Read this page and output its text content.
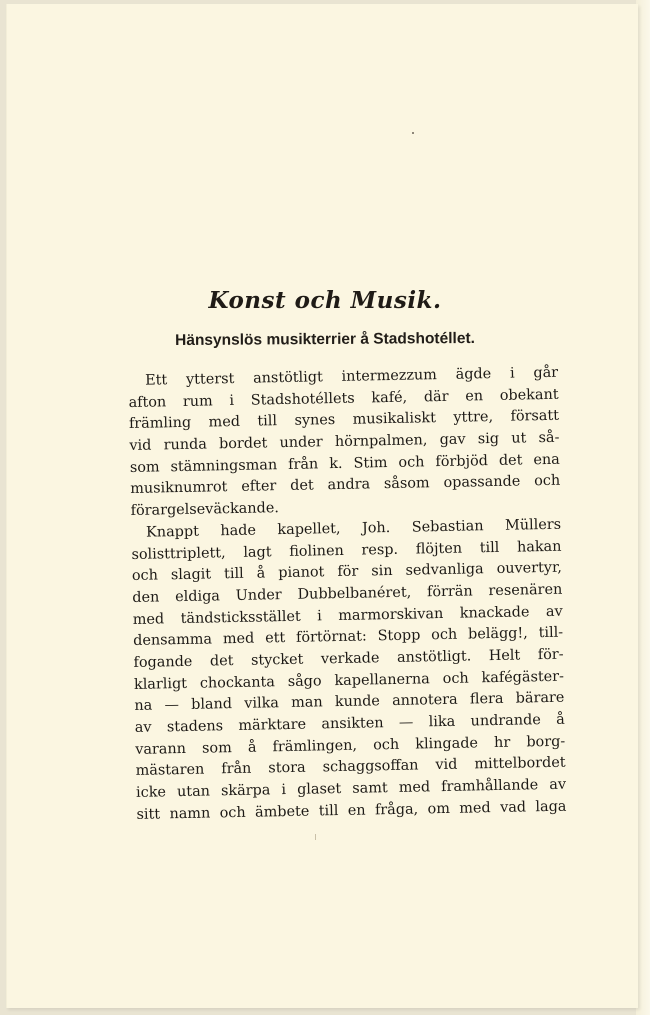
Konst och Musik.
Hänsynslös musikterrier å Stadshotéllet.
Ett ytterst anstötligt intermezzum ägde i går
afton rum i Stadshotéllets kafé, där en obekant
främling med till synes musikaliskt yttre, försatt
vid runda bordet under hörnpalmen, gav sig ut så-
som stämningsman från k. Stim och förbjöd det ena
musiknumrot efter det andra såsom opassande och
förargelseväckande.
Knappt hade kapellet, Joh. Sebastian Müllers
solisttriplett, lagt fiolinen resp. flöjten till hakan
och slagit till å pianot för sin sedvanliga ouvertyr,
den eldiga Under Dubbelbanéret, förrän resenären
med tändsticksstället i marmorskivan knackade av
densamma med ett förtörnat: Stopp och belägg!, till-
fogande det stycket verkade anstötligt. Helt för-
klarligt chockanta sågo kapellanerna och kafégäster-
na — bland vilka man kunde annotera flera bärare
av stadens märktare ansikten — lika undrande å
varann som å främlingen, och klingade hr borg-
mästaren från stora schaggsoffan vid mittelbordet
icke utan skärpa i glaset samt med framhållande av
sitt namn och ämbete till en fråga, om med vad laga
